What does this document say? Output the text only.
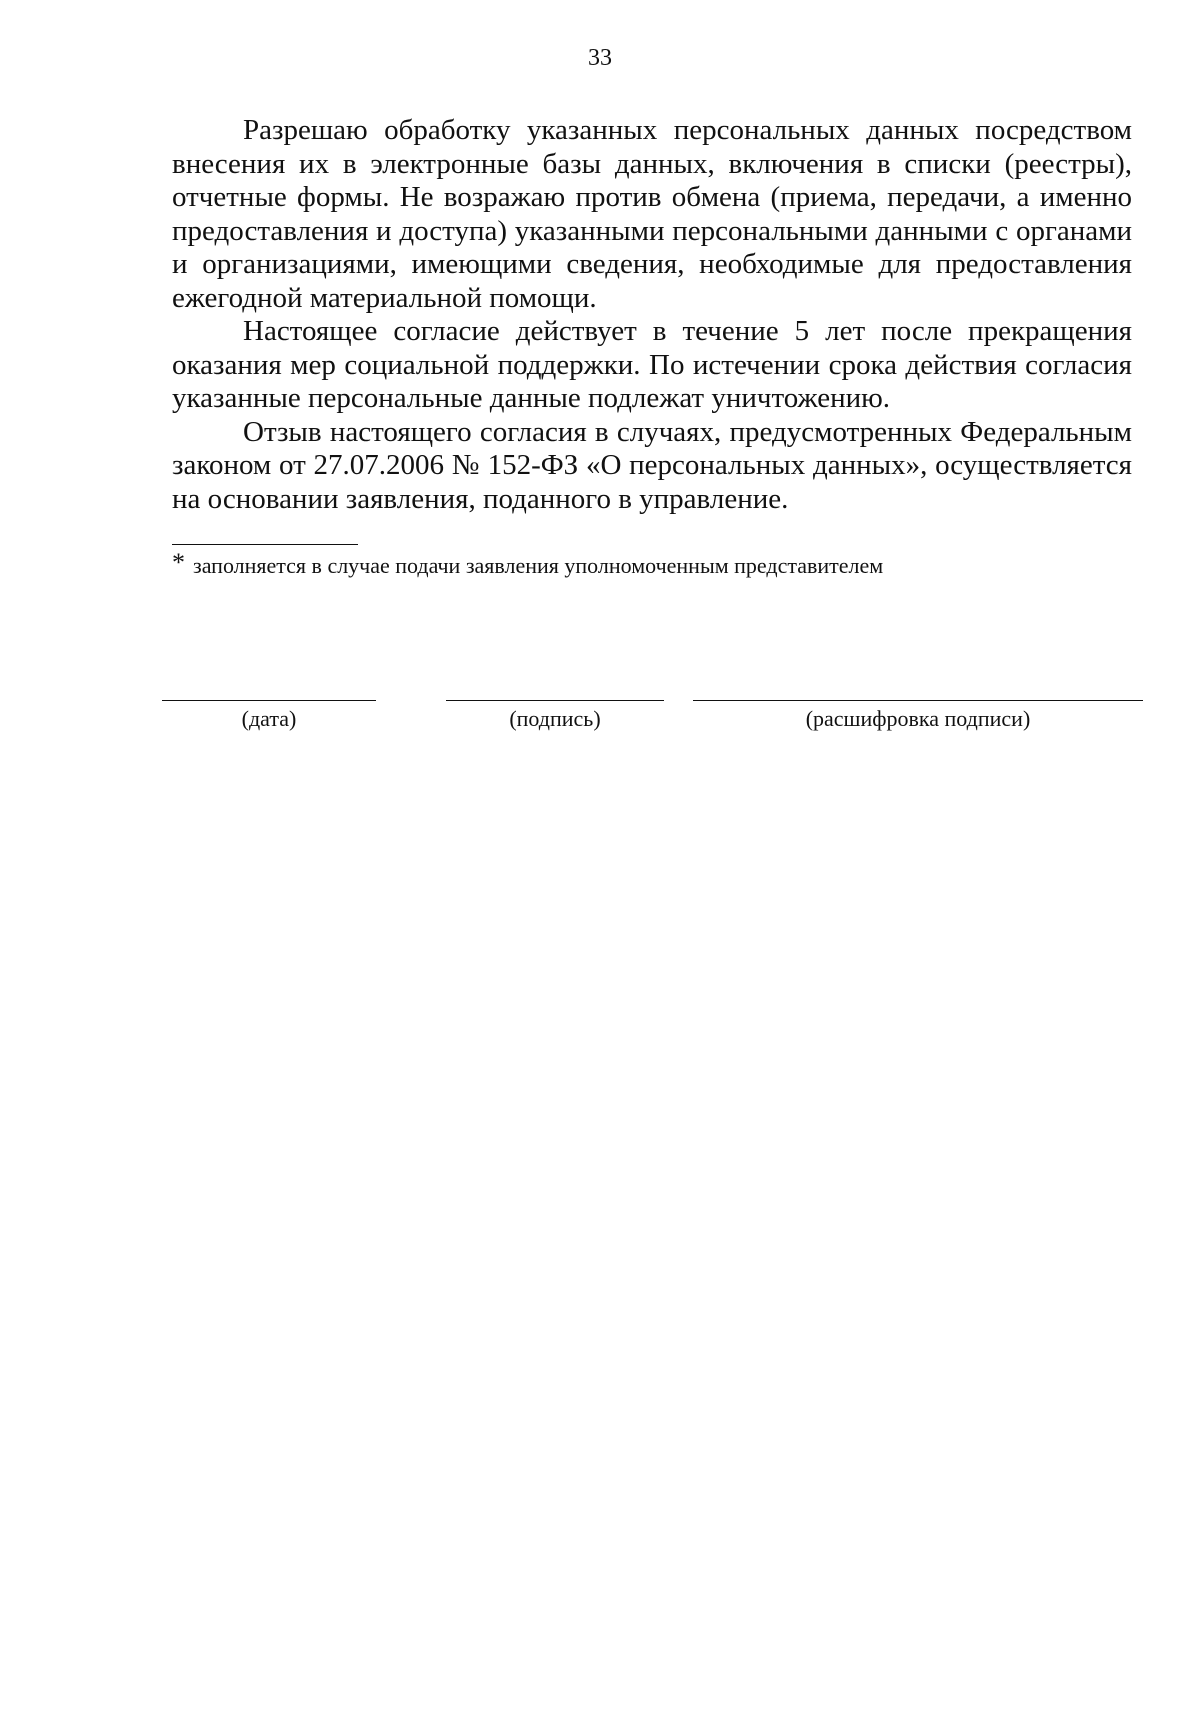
33

Разрешаю обработку указанных персональных данных посредством внесения их в электронные базы данных, включения в списки (реестры), отчетные формы. Не возражаю против обмена (приема, передачи, а именно предоставления и доступа) указанными персональными данными с органами и организациями, имеющими сведения, необходимые для предоставления ежегодной материальной помощи.

Настоящее согласие действует в течение 5 лет после прекращения оказания мер социальной поддержки. По истечении срока действия согласия указанные персональные данные подлежат уничтожению.

Отзыв настоящего согласия в случаях, предусмотренных Федеральным законом от 27.07.2006 № 152-ФЗ «О персональных данных», осуществляется на основании заявления, поданного в управление.

* заполняется в случае подачи заявления уполномоченным представителем
(дата)	(подпись)	(расшифровка подписи)
